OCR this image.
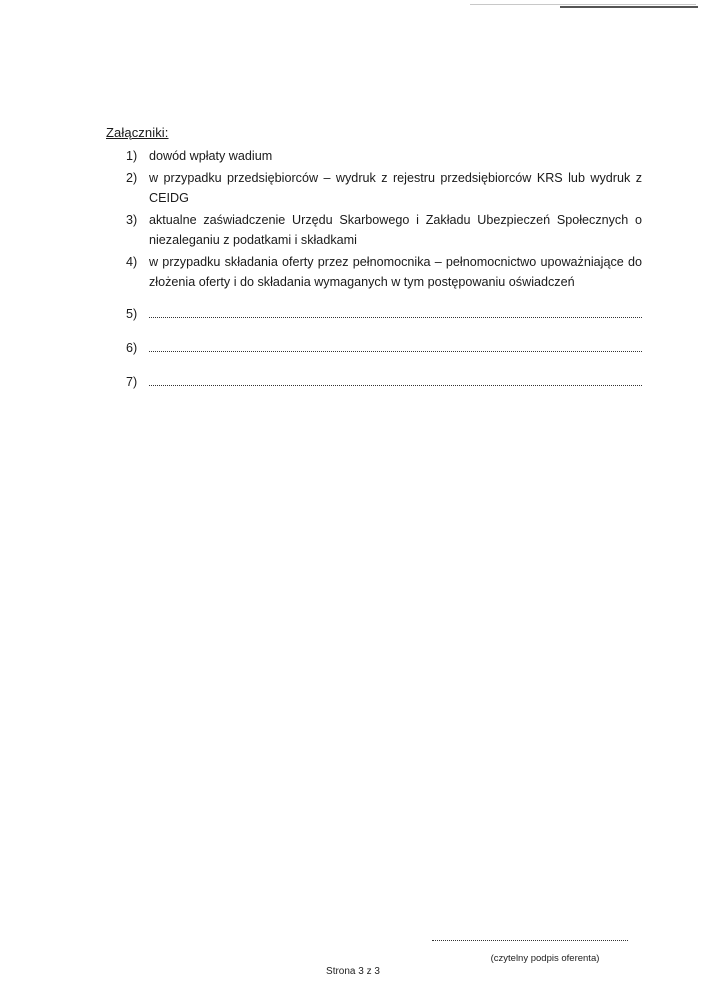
Załączniki:
1) dowód wpłaty wadium
2) w przypadku przedsiębiorców – wydruk z rejestru przedsiębiorców KRS lub wydruk z CEIDG
3) aktualne zaświadczenie Urzędu Skarbowego i Zakładu Ubezpieczeń Społecznych o niezaleganiu z podatkami i składkami
4) w przypadku składania oferty przez pełnomocnika – pełnomocnictwo upoważniające do złożenia oferty i do składania wymaganych w tym postępowaniu oświadczeń
5)
6)
7)
(czytelny podpis oferenta)
Strona 3 z 3
